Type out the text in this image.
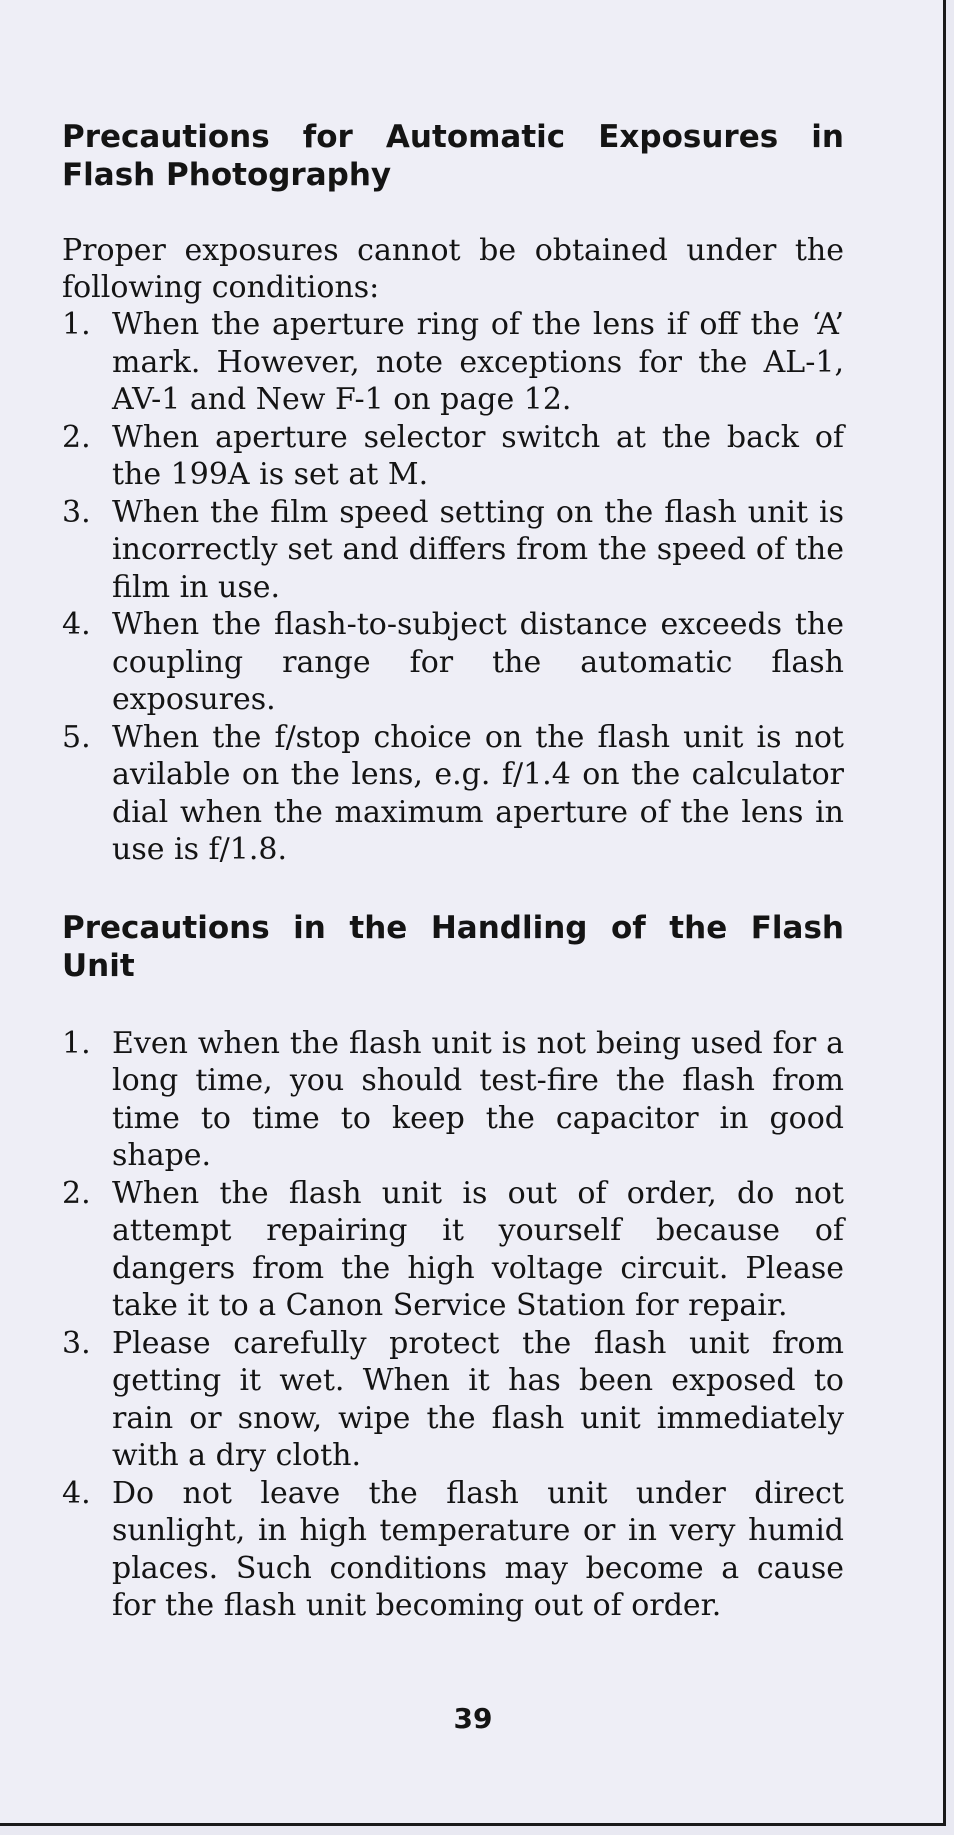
Precautions for Automatic Exposures in Flash Photography

Proper exposures cannot be obtained under the following conditions:

1. When the aperture ring of the lens if off the ‘A’ mark. However, note exceptions for the AL-1, AV-1 and New F-1 on page 12.
2. When aperture selector switch at the back of the 199A is set at M.
3. When the film speed setting on the flash unit is incorrectly set and differs from the speed of the film in use.
4. When the flash-to-subject distance exceeds the coupling range for the automatic flash exposures.
5. When the f/stop choice on the flash unit is not avilable on the lens, e.g. f/1.4 on the calculator dial when the maximum aperture of the lens in use is f/1.8.
Precautions in the Handling of the Flash Unit
1. Even when the flash unit is not being used for a long time, you should test-fire the flash from time to time to keep the capacitor in good shape.
2. When the flash unit is out of order, do not attempt repairing it yourself because of dangers from the high voltage circuit. Please take it to a Canon Service Station for repair.
3. Please carefully protect the flash unit from getting it wet. When it has been exposed to rain or snow, wipe the flash unit immediately with a dry cloth.
4. Do not leave the flash unit under direct sunlight, in high temperature or in very humid places. Such conditions may become a cause for the flash unit becoming out of order.
39
